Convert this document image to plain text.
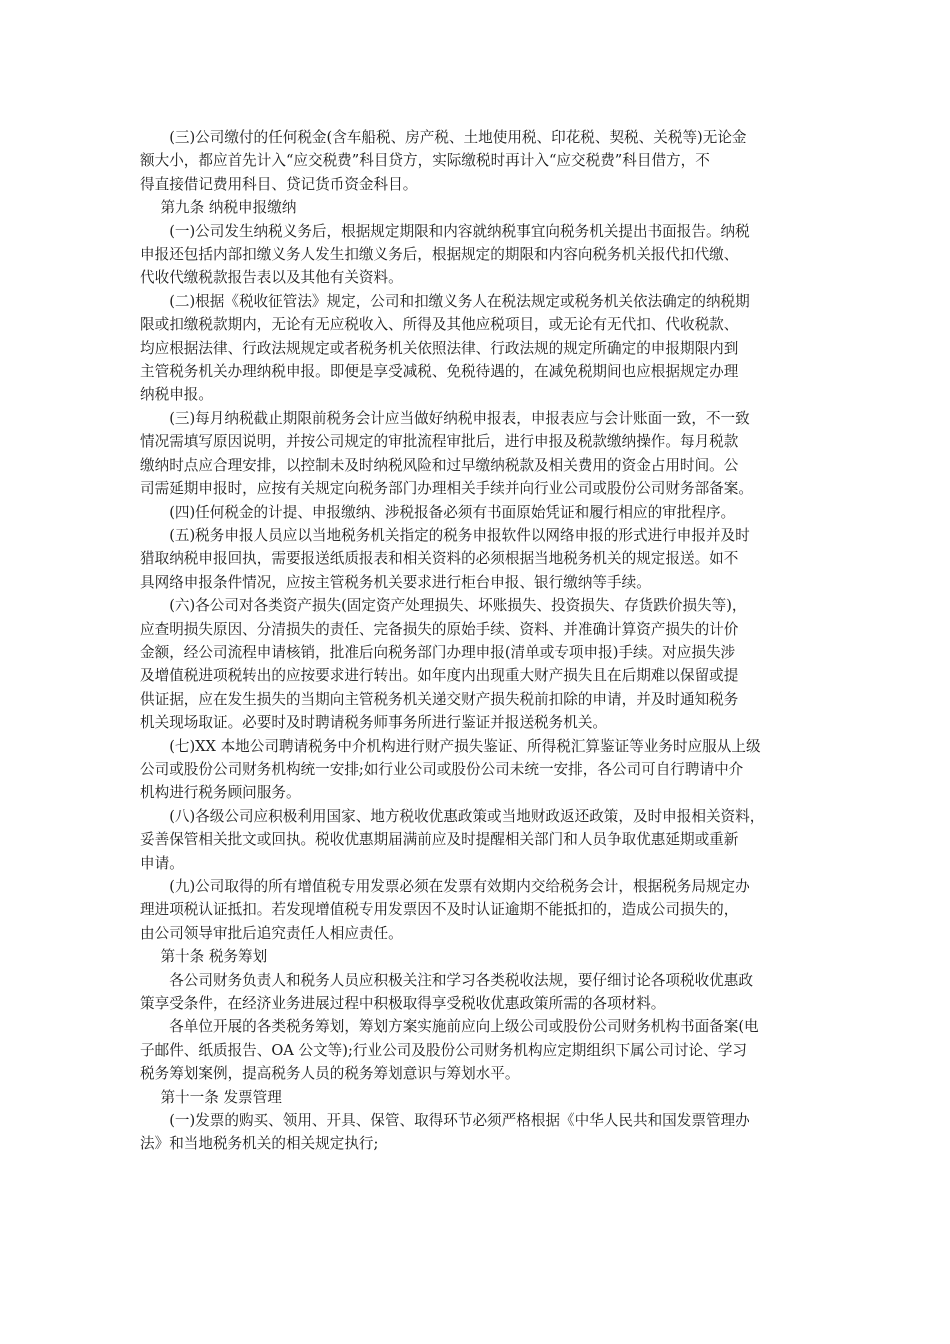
(三)公司缴付的任何税金(含车船税、房产税、土地使用税、印花税、契税、关税等)无论金
额大小，都应首先计入“应交税费”科目贷方，实际缴税时再计入“应交税费”科目借方，不
得直接借记费用科目、贷记货币资金科目。
第九条 纳税申报缴纳
(一)公司发生纳税义务后，根据规定期限和内容就纳税事宜向税务机关提出书面报告。纳税
申报还包括内部扣缴义务人发生扣缴义务后，根据规定的期限和内容向税务机关报代扣代缴、
代收代缴税款报告表以及其他有关资料。
(二)根据《税收征管法》规定，公司和扣缴义务人在税法规定或税务机关依法确定的纳税期
限或扣缴税款期内，无论有无应税收入、所得及其他应税项目，或无论有无代扣、代收税款、
均应根据法律、行政法规规定或者税务机关依照法律、行政法规的规定所确定的申报期限内到
主管税务机关办理纳税申报。即便是享受减税、免税待遇的，在减免税期间也应根据规定办理
纳税申报。
(三)每月纳税截止期限前税务会计应当做好纳税申报表，申报表应与会计账面一致，不一致
情况需填写原因说明，并按公司规定的审批流程审批后，进行申报及税款缴纳操作。每月税款
缴纳时点应合理安排，以控制未及时纳税风险和过早缴纳税款及相关费用的资金占用时间。公
司需延期申报时，应按有关规定向税务部门办理相关手续并向行业公司或股份公司财务部备案。
(四)任何税金的计提、申报缴纳、涉税报备必须有书面原始凭证和履行相应的审批程序。
(五)税务申报人员应以当地税务机关指定的税务申报软件以网络申报的形式进行申报并及时
猎取纳税申报回执，需要报送纸质报表和相关资料的必须根据当地税务机关的规定报送。如不
具网络申报条件情况，应按主管税务机关要求进行柜台申报、银行缴纳等手续。
(六)各公司对各类资产损失(固定资产处理损失、坏账损失、投资损失、存货跌价损失等)，
应查明损失原因、分清损失的责任、完备损失的原始手续、资料、并准确计算资产损失的计价
金额，经公司流程申请核销，批准后向税务部门办理申报(清单或专项申报)手续。对应损失涉
及增值税进项税转出的应按要求进行转出。如年度内出现重大财产损失且在后期难以保留或提
供证据，应在发生损失的当期向主管税务机关递交财产损失税前扣除的申请，并及时通知税务
机关现场取证。必要时及时聘请税务师事务所进行鉴证并报送税务机关。
(七)XX 本地公司聘请税务中介机构进行财产损失鉴证、所得税汇算鉴证等业务时应服从上级
公司或股份公司财务机构统一安排;如行业公司或股份公司未统一安排，各公司可自行聘请中介
机构进行税务顾问服务。
(八)各级公司应积极利用国家、地方税收优惠政策或当地财政返还政策，及时申报相关资料，
妥善保管相关批文或回执。税收优惠期届满前应及时提醒相关部门和人员争取优惠延期或重新
申请。
(九)公司取得的所有增值税专用发票必须在发票有效期内交给税务会计，根据税务局规定办
理进项税认证抵扣。若发现增值税专用发票因不及时认证逾期不能抵扣的，造成公司损失的，
由公司领导审批后追究责任人相应责任。
第十条 税务筹划
各公司财务负责人和税务人员应积极关注和学习各类税收法规，要仔细讨论各项税收优惠政
策享受条件，在经济业务进展过程中积极取得享受税收优惠政策所需的各项材料。
各单位开展的各类税务筹划，筹划方案实施前应向上级公司或股份公司财务机构书面备案(电
子邮件、纸质报告、OA 公文等);行业公司及股份公司财务机构应定期组织下属公司讨论、学习
税务筹划案例，提高税务人员的税务筹划意识与筹划水平。
第十一条 发票管理
(一)发票的购买、领用、开具、保管、取得环节必须严格根据《中华人民共和国发票管理办
法》和当地税务机关的相关规定执行;
